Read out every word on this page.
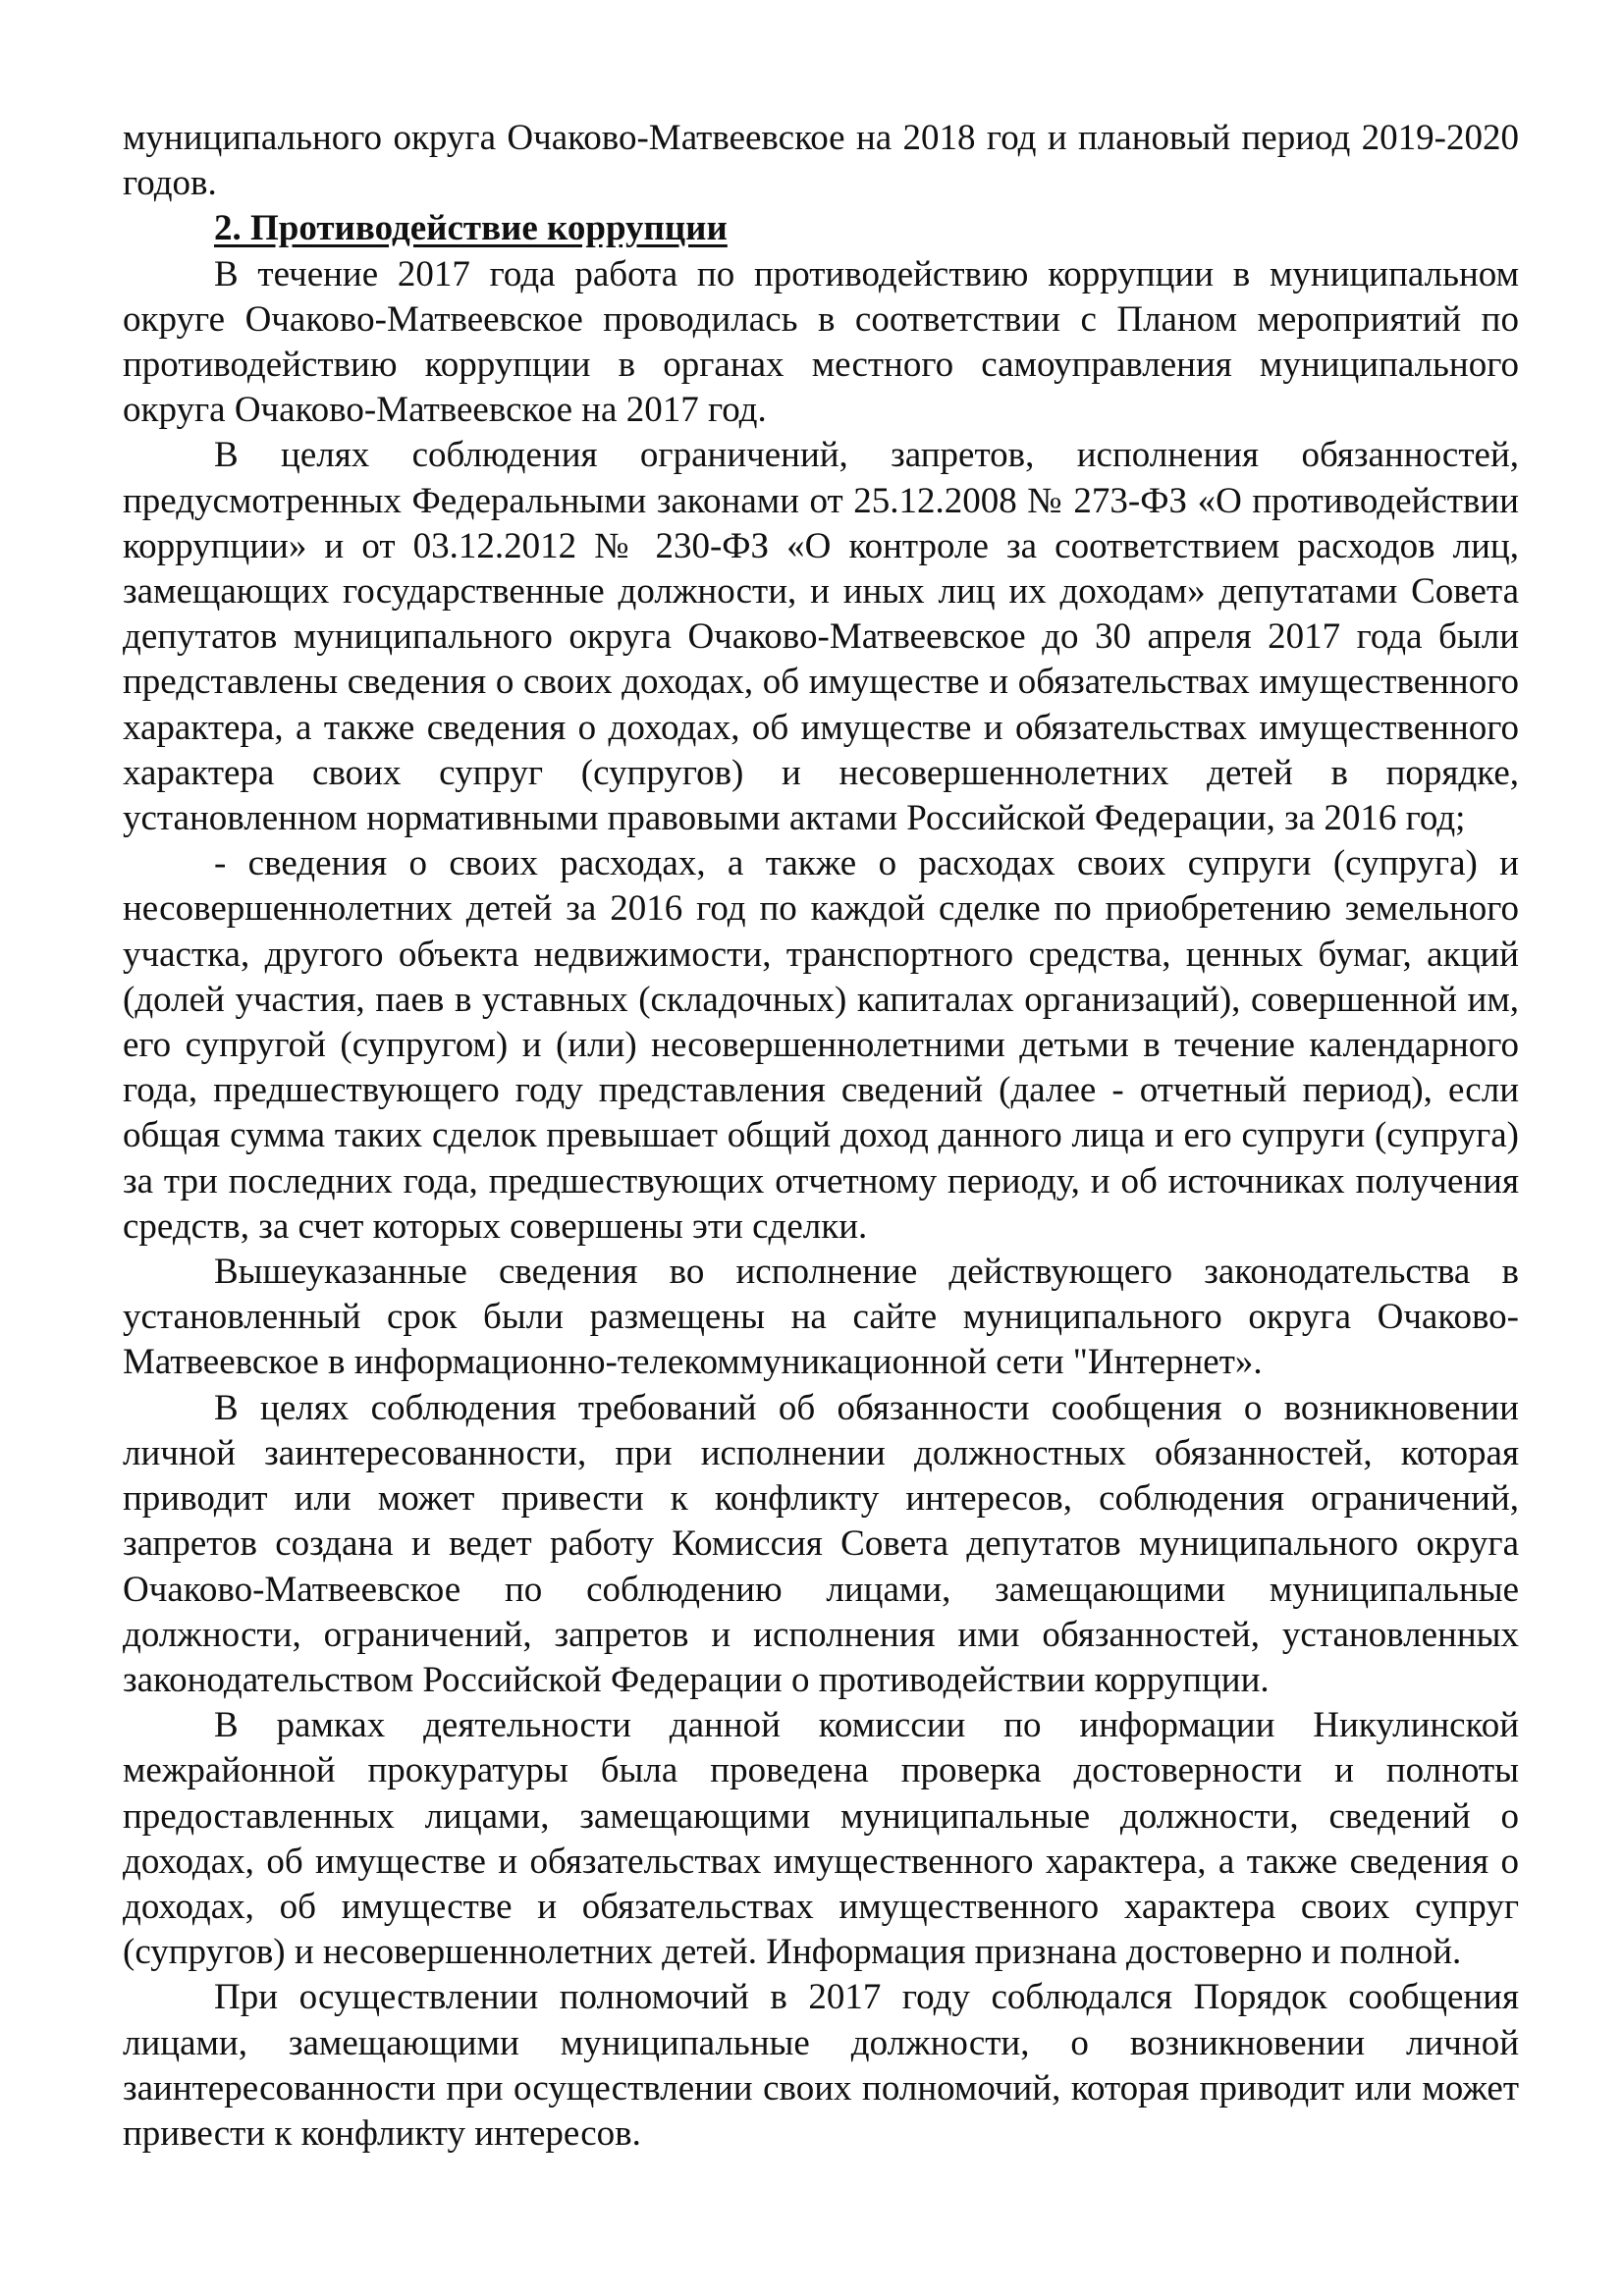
муниципального округа Очаково-Матвеевское на 2018 год и плановый период 2019-2020 годов.

2. Противодействие коррупции

В течение 2017 года работа по противодействию коррупции в муниципальном округе Очаково-Матвеевское проводилась в соответствии с Планом мероприятий по противодействию коррупции в органах местного самоуправления муниципального округа Очаково-Матвеевское на 2017 год.

В целях соблюдения ограничений, запретов, исполнения обязанностей, предусмотренных Федеральными законами от 25.12.2008 № 273-ФЗ «О противодействии коррупции» и от 03.12.2012 № 230-ФЗ «О контроле за соответствием расходов лиц, замещающих государственные должности, и иных лиц их доходам» депутатами Совета депутатов муниципального округа Очаково-Матвеевское до 30 апреля 2017 года были представлены сведения о своих доходах, об имуществе и обязательствах имущественного характера, а также сведения о доходах, об имуществе и обязательствах имущественного характера своих супруг (супругов) и несовершеннолетних детей в порядке, установленном нормативными правовыми актами Российской Федерации, за 2016 год;

- сведения о своих расходах, а также о расходах своих супруги (супруга) и несовершеннолетних детей за 2016 год по каждой сделке по приобретению земельного участка, другого объекта недвижимости, транспортного средства, ценных бумаг, акций (долей участия, паев в уставных (складочных) капиталах организаций), совершенной им, его супругой (супругом) и (или) несовершеннолетними детьми в течение календарного года, предшествующего году представления сведений (далее - отчетный период), если общая сумма таких сделок превышает общий доход данного лица и его супруги (супруга) за три последних года, предшествующих отчетному периоду, и об источниках получения средств, за счет которых совершены эти сделки.

Вышеуказанные сведения во исполнение действующего законодательства в установленный срок были размещены на сайте муниципального округа Очаково-Матвеевское в информационно-телекоммуникационной сети "Интернет».

В целях соблюдения требований об обязанности сообщения о возникновении личной заинтересованности, при исполнении должностных обязанностей, которая приводит или может привести к конфликту интересов, соблюдения ограничений, запретов создана и ведет работу Комиссия Совета депутатов муниципального округа Очаково-Матвеевское по соблюдению лицами, замещающими муниципальные должности, ограничений, запретов и исполнения ими обязанностей, установленных законодательством Российской Федерации о противодействии коррупции.

В рамках деятельности данной комиссии по информации Никулинской межрайонной прокуратуры была проведена проверка достоверности и полноты предоставленных лицами, замещающими муниципальные должности, сведений о доходах, об имуществе и обязательствах имущественного характера, а также сведения о доходах, об имуществе и обязательствах имущественного характера своих супруг (супругов) и несовершеннолетних детей. Информация признана достоверно и полной.

При осуществлении полномочий в 2017 году соблюдался Порядок сообщения лицами, замещающими муниципальные должности, о возникновении личной заинтересованности при осуществлении своих полномочий, которая приводит или может привести к конфликту интересов.
